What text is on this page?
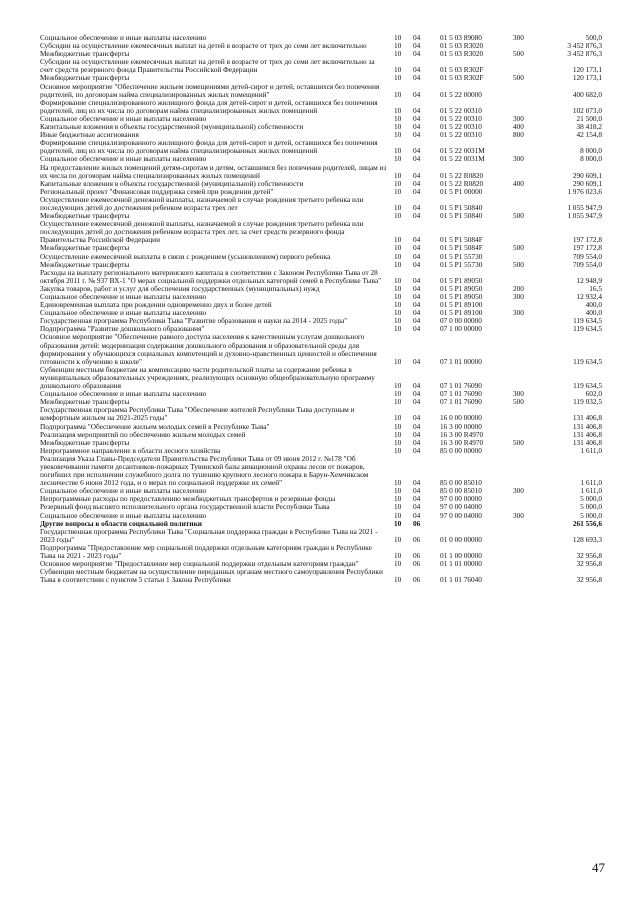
Социальное обеспечение и иные выплаты населению	10	04	01 5 03 89080	300	500,0
Субсидии на осуществление ежемесячных выплат на детей в возрасте от трех до семи лет включительно	10	04	01 5 03 R3020		3 452 876,3
Межбюджетные трансферты	10	04	01 5 03 R3020	500	3 452 876,3
Субсидии на осуществление ежемесячных выплат на детей в возрасте от трех до семи лет включительно за счет средств резервного фонда Правительства Российской Федерации	10	04	01 5 03 R302F		120 173,1
Межбюджетные трансферты	10	04	01 5 03 R302F	500	120 173,1
Основное мероприятие "Обеспечение жильем помещениями детей-сирот и детей, оставшихся без попечения родителей, по договорам найма специализированных жилых помещений"	10	04	01 5 22 00000		400 682,0
Формирование специализированного жилищного фонда для детей-сирот и детей, оставшихся без попечения родителей, лиц из их числа по договорам найма специализированных жилых помещений	10	04	01 5 22 00310		102 073,0
Социальное обеспечение и иные выплаты населению	10	04	01 5 22 00310	300	21 500,0
Капитальные вложения в объекты государственной (муниципальной) собственности	10	04	01 5 22 00310	400	38 418,2
Иные бюджетные ассигнования	10	04	01 5 22 00310	800	42 154,8
Формирование специализированного жилищного фонда для детей-сирот и детей, оставшихся без попечения родителей, лиц из их числа по договорам найма специализированных жилых помещений	10	04	01 5 22 0031M		8 000,0
Социальное обеспечение и иные выплаты населению	10	04	01 5 22 0031M	300	8 000,0
На предоставление жилых помещений детям-сиротам и детям, оставшимся без попечения родителей, лицам из их числа по договорам найма специализированных жилых помещений	10	04	01 5 22 R0820		290 609,1
Капитальные вложения в объекты государственной (муниципальной) собственности	10	04	01 5 22 R0820	400	290 609,1
Региональный проект "Финансовая поддержка семей при рождении детей"	10	04	01 5 P1 00000		1 976 023,6
Осуществление ежемесячной денежной выплаты, назначаемой в случае рождения третьего ребенка или последующих детей до достижения ребенком возраста трех лет	10	04	01 5 P1 50840		1 055 947,9
Межбюджетные трансферты	10	04	01 5 P1 50840	500	1 055 947,9
Осуществление ежемесячной денежной выплаты, назначаемой в случае рождения третьего ребенка или последующих детей до достижения ребенком возраста трех лет, за счет средств резервного фонда Правительства Российской Федерации	10	04	01 5 P1 5084F		197 172,8
Межбюджетные трансферты	10	04	01 5 P1 5084F	500	197 172,8
Осуществление ежемесячной выплаты в связи с рождением (усыновлением) первого ребенка	10	04	01 5 P1 55730		709 554,0
Межбюджетные трансферты	10	04	01 5 P1 55730	500	709 554,0
Расходы на выплату регионального материнского капитала в соответствии с Законом Республики Тыва от 28 октября 2011 г. № 937 ВХ-1 "О мерах социальной поддержки отдельных категорий семей в Республике Тыва"	10	04	01 5 P1 89050		12 948,9
Закупка товаров, работ и услуг для обеспечения государственных (муниципальных) нужд	10	04	01 5 P1 89050	200	16,5
Социальное обеспечение и иные выплаты населению	10	04	01 5 P1 89050	300	12 932,4
Единовременная выплата при рождении одновременно двух и более детей	10	04	01 5 P1 89100		400,0
Социальное обеспечение и иные выплаты населению	10	04	01 5 P1 89100	300	400,0
Государственная программа Республики Тыва "Развитие образования и науки на 2014 - 2025 годы"	10	04	07 0 00 00000		119 634,5
Подпрограмма "Развитие дошкольного образования"	10	04	07 1 00 00000		119 634,5
Основное мероприятие "Обеспечение равного доступа населения к качественным услугам дошкольного образования детей: модернизация содержания дошкольного образования и образовательной среды для формирования у обучающихся социальных компетенций и духовно-нравственных ценностей и обеспечения готовности к обучению в школе"	10	04	07 1 01 00000		119 634,5
Субвенции местным бюджетам на компенсацию части родительской платы за содержание ребенка в муниципальных образовательных учреждениях, реализующих основную общеобразовательную программу дошкольного образования	10	04	07 1 01 76090		119 634,5
Социальное обеспечение и иные выплаты населению	10	04	07 1 01 76090	300	602,0
Межбюджетные трансферты	10	04	07 1 01 76090	500	119 032,5
Государственная программа Республики Тыва "Обеспечение жителей Республики Тыва доступным и комфортным жильем на 2021-2025 годы"	10	04	16 0 00 00000		131 406,8
Подпрограмма "Обеспечение жильем молодых семей в Республике Тыва"	10	04	16 3 00 00000		131 406,8
Реализация мероприятий по обеспечению жильем молодых семей	10	04	16 3 00 R4970		131 406,8
Межбюджетные трансферты	10	04	16 3 00 R4970	500	131 406,8
Непрограммное направление в области лесного хозяйства	10	04	85 0 00 00000		1 611,0
Реализация Указа Главы-Председателя Правительства Республики Тыва от 09 июня 2012 г. №178 "Об увековечивании памяти десантников-пожарных Тувинской базы авиационной охраны лесов от пожаров, погибших при исполнении служебного долга по тушению крупного лесного пожара в Барун-Хемчикском лесничестве 6 июня 2012 года, и о мерах по социальной поддержке их семей"	10	04	85 0 00 85010		1 611,0
Социальное обеспечение и иные выплаты населению	10	04	85 0 00 85010	300	1 611,0
Непрограммные расходы по предоставлению межбюджетных трансфертов и резервные фонды	10	04	97 0 00 00000		5 000,0
Резервный фонд высшего исполнительного органа государственной власти Республики Тыва	10	04	97 0 00 04000		5 000,0
Социальное обеспечение и иные выплаты населению	10	04	97 0 00 04000	300	5 000,0
Другие вопросы в области социальной политики	10	06			261 556,6
Государственная программа Республики Тыва "Социальная поддержка граждан в Республике Тыва на 2021 - 2023 годы"	10	06	01 0 00 00000		128 693,3
Подпрограмма "Предоставление мер социальной поддержки отдельным категориям граждан в Республике Тыва на 2021 - 2023 годы"	10	06	01 1 00 00000		32 956,8
Основное мероприятие "Предоставление мер социальной поддержки отдельным категориям граждан"	10	06	01 1 01 00000		32 956,8
Субвенции местным бюджетам на осуществление переданных органам местного самоуправления Республики Тыва в соответствии с пунктом 5 статьи 1 Закона Республики	10	06	01 1 01 76040		32 956,8
47
